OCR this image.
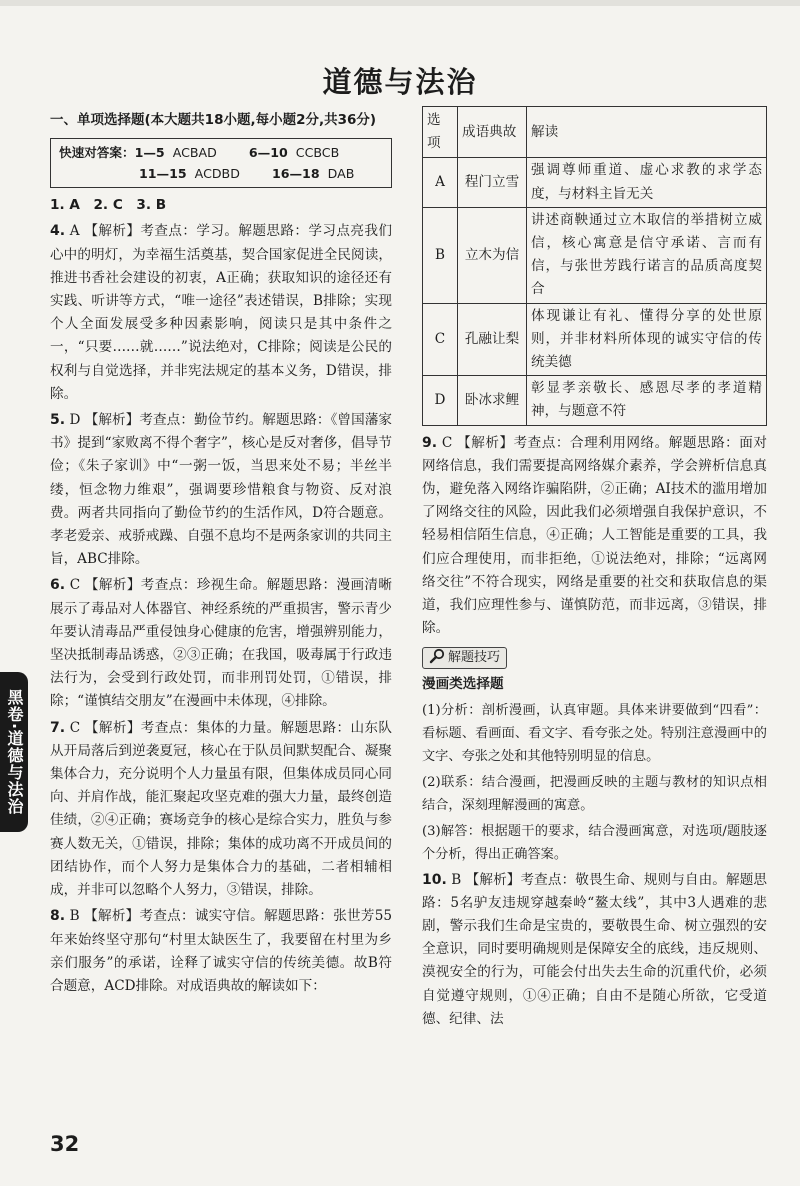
道德与法治
一、单项选择题(本大题共18小题,每小题2分,共36分)
快速对答案：1—5 ACBAD	6—10 CCBCB
11—15 ACDBD	16—18 DAB

1. A　2. C　3. B

4. A 【解析】考查点：学习。解题思路：学习点亮我们心中的明灯，为幸福生活奠基，契合国家促进全民阅读，推进书香社会建设的初衷，A正确；获取知识的途径还有实践、听讲等方式，“唯一途径”表述错误，B排除；实现个人全面发展受多种因素影响，阅读只是其中条件之一，“只要……就……”说法绝对，C排除；阅读是公民的权利与自觉选择，并非宪法规定的基本义务，D错误，排除。

5. D 【解析】考查点：勤俭节约。解题思路：《曾国藩家书》提到“家败离不得个奢字”，核心是反对奢侈，倡导节俭；《朱子家训》中“一粥一饭，当思来处不易；半丝半缕，恒念物力维艰”，强调要珍惜粮食与物资、反对浪费。两者共同指向了勤俭节约的生活作风，D符合题意。孝老爱亲、戒骄戒躁、自强不息均不是两条家训的共同主旨，ABC排除。

6. C 【解析】考查点：珍视生命。解题思路：漫画清晰展示了毒品对人体器官、神经系统的严重损害，警示青少年要认清毒品严重侵蚀身心健康的危害，增强辨别能力，坚决抵制毒品诱惑，②③正确；在我国，吸毒属于行政违法行为，会受到行政处罚，而非刑罚处罚，①错误，排除；“谨慎结交朋友”在漫画中未体现，④排除。

7. C 【解析】考查点：集体的力量。解题思路：山东队从开局落后到逆袭夏冠，核心在于队员间默契配合、凝聚集体合力，充分说明个人力量虽有限，但集体成员同心同向、并肩作战，能汇聚起攻坚克难的强大力量，最终创造佳绩，②④正确；赛场竞争的核心是综合实力，胜负与参赛人数无关，①错误，排除；集体的成功离不开成员间的团结协作，而个人努力是集体合力的基础，二者相辅相成，并非可以忽略个人努力，③错误，排除。

8. B 【解析】考查点：诚实守信。解题思路：张世芳55年来始终坚守那句“村里太缺医生了，我要留在村里为乡亲们服务”的承诺，诠释了诚实守信的传统美德。故B符合题意，ACD排除。对成语典故的解读如下：

选项	成语典故	解读
A	程门立雪	强调尊师重道、虚心求教的求学态度，与材料主旨无关
B	立木为信	讲述商鞅通过立木取信的举措树立威信，核心寓意是信守承诺、言而有信，与张世芳践行诺言的品质高度契合
C	孔融让梨	体现谦让有礼、懂得分享的处世原则，并非材料所体现的诚实守信的传统美德
D	卧冰求鲤	彰显孝亲敬长、感恩尽孝的孝道精神，与题意不符

9. C 【解析】考查点：合理利用网络。解题思路：面对网络信息，我们需要提高网络媒介素养，学会辨析信息真伪，避免落入网络诈骗陷阱，②正确；AI技术的滥用增加了网络交往的风险，因此我们必须增强自我保护意识，不轻易相信陌生信息，④正确；人工智能是重要的工具，我们应合理使用，而非拒绝，①说法绝对，排除；“远离网络交往”不符合现实，网络是重要的社交和获取信息的渠道，我们应理性参与、谨慎防范，而非远离，③错误，排除。

解题技巧
漫画类选择题

(1)分析：剖析漫画，认真审题。具体来讲要做到“四看”：看标题、看画面、看文字、看夸张之处。特别注意漫画中的文字、夸张之处和其他特别明显的信息。

(2)联系：结合漫画，把漫画反映的主题与教材的知识点相结合，深刻理解漫画的寓意。

(3)解答：根据题干的要求，结合漫画寓意，对选项/题肢逐个分析，得出正确答案。

10. B 【解析】考查点：敬畏生命、规则与自由。解题思路：5名驴友违规穿越秦岭“鳌太线”，其中3人遇难的悲剧，警示我们生命是宝贵的，要敬畏生命、树立强烈的安全意识，同时要明确规则是保障安全的底线，违反规则、漠视安全的行为，可能会付出失去生命的沉重代价，必须自觉遵守规则，①④正确；自由不是随心所欲，它受道德、纪律、法

黑卷·道德与法治
32
